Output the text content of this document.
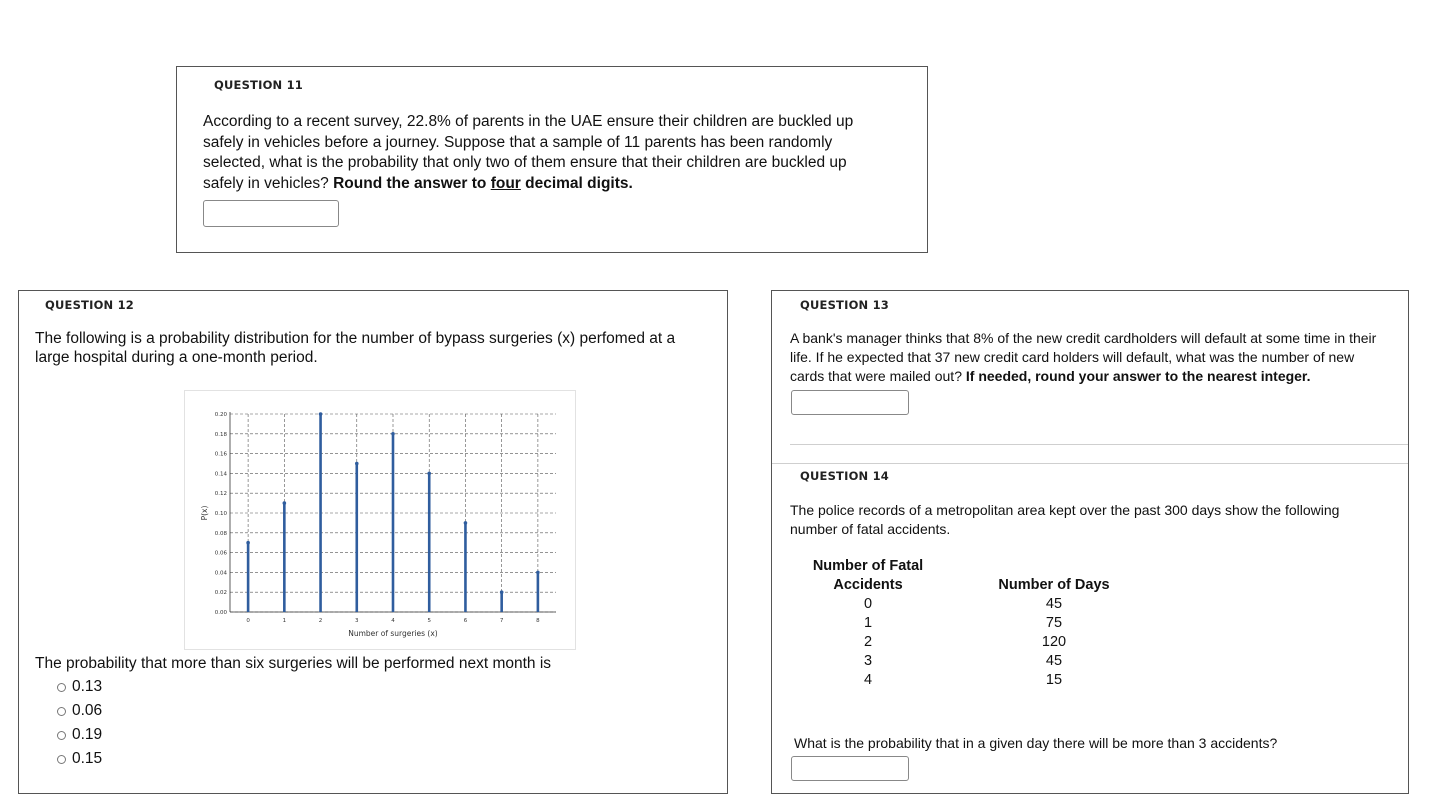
QUESTION 11
According to a recent survey, 22.8% of parents in the UAE ensure their children are buckled up
safely in vehicles before a journey. Suppose that a sample of 11 parents has been randomly
selected, what is the probability that only two of them ensure that their children are buckled up
safely in vehicles? Round the answer to four decimal digits.
QUESTION 12
The following is a probability distribution for the number of bypass surgeries (x) perfomed at a
large hospital during a one-month period.
0.00
0.02
0.04
0.06
0.08
0.10
0.12
0.14
0.16
0.18
0.20
0	1	2	3	4	5	6	7	8
Number of surgeries (x)
P(x)
The probability that more than six surgeries will be performed next month is
0.13
0.06
0.19
0.15
QUESTION 13
A bank's manager thinks that 8% of the new credit cardholders will default at some time in their
life. If he expected that 37 new credit card holders will default, what was the number of new
cards that were mailed out? If needed, round your answer to the nearest integer.
QUESTION 14
The police records of a metropolitan area kept over the past 300 days show the following
number of fatal accidents.
Number of Fatal
Accidents	Number of Days
0	45
1	75
2	120
3	45
4	15
What is the probability that in a given day there will be more than 3 accidents?
